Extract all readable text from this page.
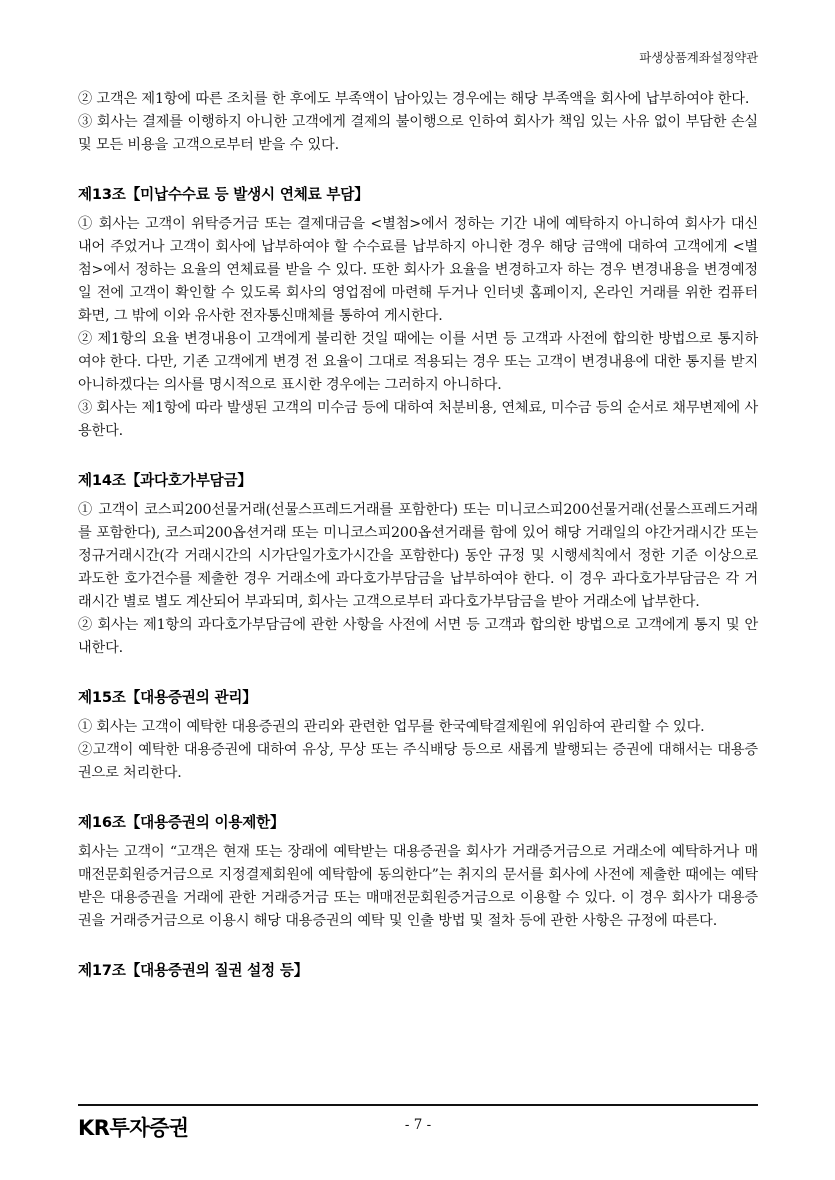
파생상품계좌설정약관

② 고객은 제1항에 따른 조치를 한 후에도 부족액이 남아있는 경우에는 해당 부족액을 회사에 납부하여야 한다.

③ 회사는 결제를 이행하지 아니한 고객에게 결제의 불이행으로 인하여 회사가 책임 있는 사유 없이 부담한 손실 및 모든 비용을 고객으로부터 받을 수 있다.

제13조【미납수수료 등 발생시 연체료 부담】

① 회사는 고객이 위탁증거금 또는 결제대금을 <별첨>에서 정하는 기간 내에 예탁하지 아니하여 회사가 대신 내어 주었거나 고객이 회사에 납부하여야 할 수수료를 납부하지 아니한 경우 해당 금액에 대하여 고객에게 <별첨>에서 정하는 요율의 연체료를 받을 수 있다. 또한 회사가 요율을 변경하고자 하는 경우 변경내용을 변경예정일 전에 고객이 확인할 수 있도록 회사의 영업점에 마련해 두거나 인터넷 홈페이지, 온라인 거래를 위한 컴퓨터 화면, 그 밖에 이와 유사한 전자통신매체를 통하여 게시한다.

② 제1항의 요율 변경내용이 고객에게 불리한 것일 때에는 이를 서면 등 고객과 사전에 합의한 방법으로 통지하여야 한다. 다만, 기존 고객에게 변경 전 요율이 그대로 적용되는 경우 또는 고객이 변경내용에 대한 통지를 받지 아니하겠다는 의사를 명시적으로 표시한 경우에는 그러하지 아니하다.

③ 회사는 제1항에 따라 발생된 고객의 미수금 등에 대하여 처분비용, 연체료, 미수금 등의 순서로 채무변제에 사용한다.

제14조【과다호가부담금】

① 고객이 코스피200선물거래(선물스프레드거래를 포함한다) 또는 미니코스피200선물거래(선물스프레드거래를 포함한다), 코스피200옵션거래 또는 미니코스피200옵션거래를 함에 있어 해당 거래일의 야간거래시간 또는 정규거래시간(각 거래시간의 시가단일가호가시간을 포함한다) 동안 규정 및 시행세칙에서 정한 기준 이상으로 과도한 호가건수를 제출한 경우 거래소에 과다호가부담금을 납부하여야 한다. 이 경우 과다호가부담금은 각 거래시간 별로 별도 계산되어 부과되며, 회사는 고객으로부터 과다호가부담금을 받아 거래소에 납부한다.

② 회사는 제1항의 과다호가부담금에 관한 사항을 사전에 서면 등 고객과 합의한 방법으로 고객에게 통지 및 안내한다.

제15조【대용증권의 관리】

① 회사는 고객이 예탁한 대용증권의 관리와 관련한 업무를 한국예탁결제원에 위임하여 관리할 수 있다.

②고객이 예탁한 대용증권에 대하여 유상, 무상 또는 주식배당 등으로 새롭게 발행되는 증권에 대해서는 대용증권으로 처리한다.

제16조【대용증권의 이용제한】

회사는 고객이 “고객은 현재 또는 장래에 예탁받는 대용증권을 회사가 거래증거금으로 거래소에 예탁하거나 매매전문회원증거금으로 지정결제회원에 예탁함에 동의한다”는 취지의 문서를 회사에 사전에 제출한 때에는 예탁받은 대용증권을 거래에 관한 거래증거금 또는 매매전문회원증거금으로 이용할 수 있다. 이 경우 회사가 대용증권을 거래증거금으로 이용시 해당 대용증권의 예탁 및 인출 방법 및 절차 등에 관한 사항은 규정에 따른다.

제17조【대용증권의 질권 설정 등】
KR투자증권	- 7 -
